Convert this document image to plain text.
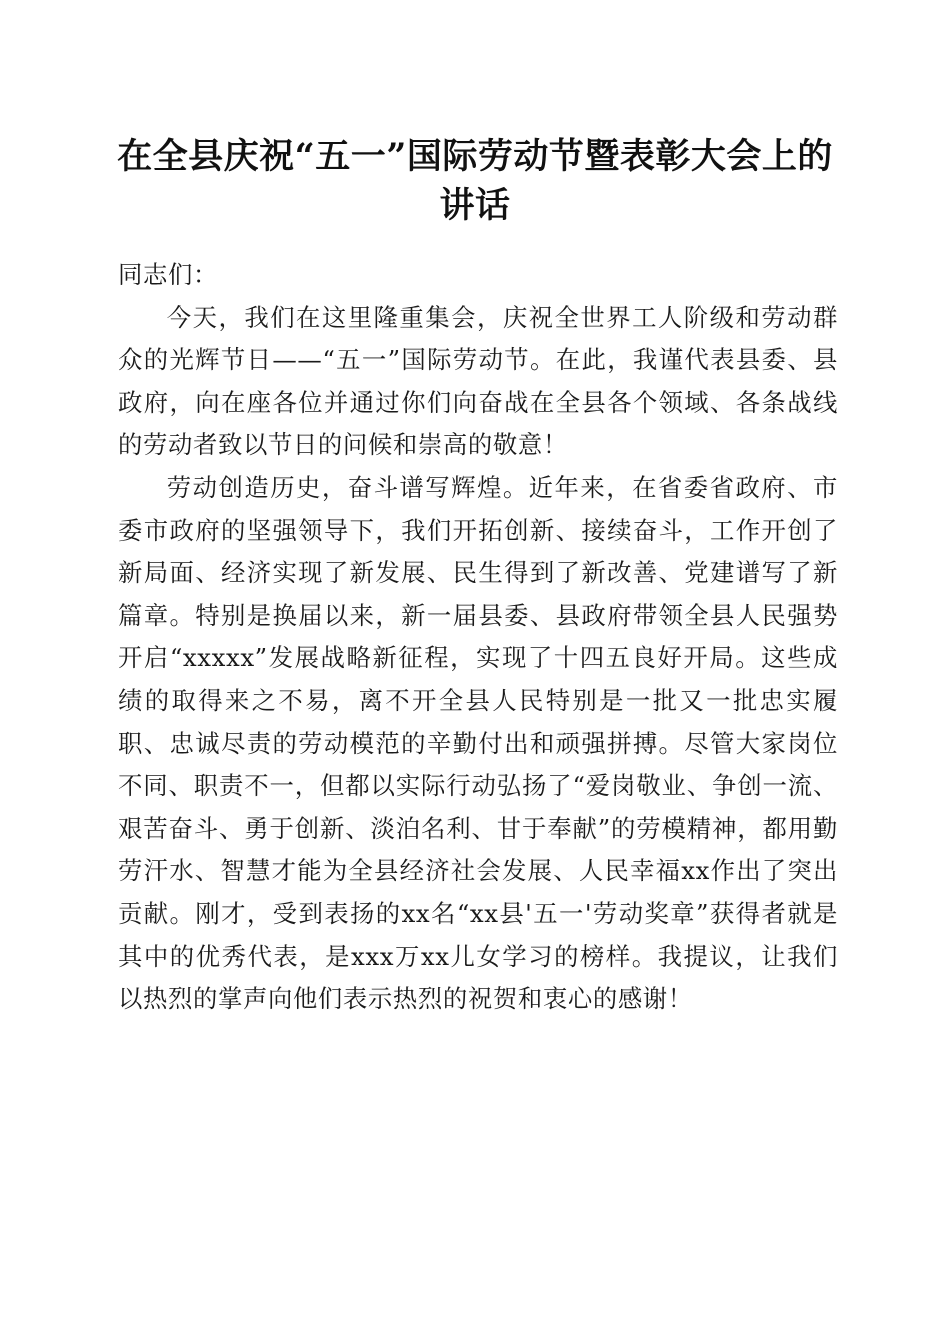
在全县庆祝“五一”国际劳动节暨表彰大会上的讲话

同志们：

今天，我们在这里隆重集会，庆祝全世界工人阶级和劳动群众的光辉节日——“五一”国际劳动节。在此，我谨代表县委、县政府，向在座各位并通过你们向奋战在全县各个领域、各条战线的劳动者致以节日的问候和崇高的敬意！

劳动创造历史，奋斗谱写辉煌。近年来，在省委省政府、市委市政府的坚强领导下，我们开拓创新、接续奋斗，工作开创了新局面、经济实现了新发展、民生得到了新改善、党建谱写了新篇章。特别是换届以来，新一届县委、县政府带领全县人民强势开启“xxxxx”发展战略新征程，实现了十四五良好开局。这些成绩的取得来之不易，离不开全县人民特别是一批又一批忠实履职、忠诚尽责的劳动模范的辛勤付出和顽强拼搏。尽管大家岗位不同、职责不一，但都以实际行动弘扬了“爱岗敬业、争创一流、艰苦奋斗、勇于创新、淡泊名利、甘于奉献”的劳模精神，都用勤劳汗水、智慧才能为全县经济社会发展、人民幸福xx作出了突出贡献。刚才，受到表扬的xx名“xx县'五一'劳动奖章”获得者就是其中的优秀代表，是xxx万xx儿女学习的榜样。我提议，让我们以热烈的掌声向他们表示热烈的祝贺和衷心的感谢！
